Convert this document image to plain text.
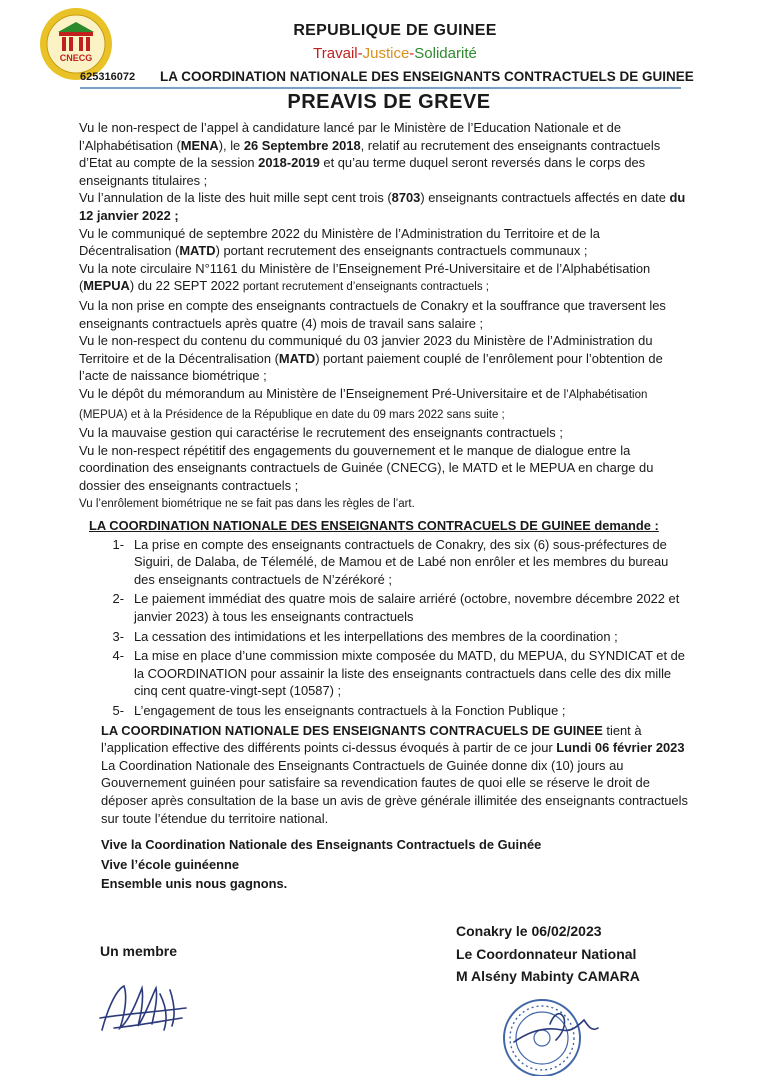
CNECG
REPUBLIQUE DE GUINEE
Travail-Justice-Solidarité
625316072 LA COORDINATION NATIONALE DES ENSEIGNANTS CONTRACTUELS DE GUINEE
PREAVIS DE GREVE

Vu le non-respect de l’appel à candidature lancé par le Ministère de l’Education Nationale et de l’Alphabétisation (MENA), le 26 Septembre 2018, relatif au recrutement des enseignants contractuels d’Etat au compte de la session 2018-2019 et qu’au terme duquel seront reversés dans le corps des enseignants titulaires ;

Vu l’annulation de la liste des huit mille sept cent trois (8703) enseignants contractuels affectés en date du 12 janvier 2022 ;

Vu le communiqué de septembre 2022 du Ministère de l’Administration du Territoire et de la Décentralisation (MATD) portant recrutement des enseignants contractuels communaux ;

Vu la note circulaire N°1161 du Ministère de l’Enseignement Pré-Universitaire et de l’Alphabétisation (MEPUA) du 22 SEPT 2022 portant recrutement d’enseignants contractuels ;

Vu la non prise en compte des enseignants contractuels de Conakry et la souffrance que traversent les enseignants contractuels après quatre (4) mois de travail sans salaire ;

Vu le non-respect du contenu du communiqué du 03 janvier 2023 du Ministère de l’Administration du Territoire et de la Décentralisation (MATD) portant paiement couplé de l’enrôlement pour l’obtention de l’acte de naissance biométrique ;

Vu le dépôt du mémorandum au Ministère de l’Enseignement Pré-Universitaire et de l’Alphabétisation (MEPUA) et à la Présidence de la République en date du 09 mars 2022 sans suite ;

Vu la mauvaise gestion qui caractérise le recrutement des enseignants contractuels ;

Vu le non-respect répétitif des engagements du gouvernement et le manque de dialogue entre la coordination des enseignants contractuels de Guinée (CNECG), le MATD et le MEPUA en charge du dossier des enseignants contractuels ;

Vu l’enrôlement biométrique ne se fait pas dans les règles de l’art.

LA COORDINATION NATIONALE DES ENSEIGNANTS CONTRACUELS DE GUINEE demande :
1- La prise en compte des enseignants contractuels de Conakry, des six (6) sous-préfectures de Siguiri, de Dalaba, de Télemélé, de Mamou et de Labé non enrôler et les membres du bureau des enseignants contractuels de N’zérékoré ;
2- Le paiement immédiat des quatre mois de salaire arriéré (octobre, novembre décembre 2022 et janvier 2023) à tous les enseignants contractuels
3- La cessation des intimidations et les interpellations des membres de la coordination ;
4- La mise en place d’une commission mixte composée du MATD, du MEPUA, du SYNDICAT et de la COORDINATION pour assainir la liste des enseignants contractuels dans celle des dix mille cinq cent quatre-vingt-sept (10587) ;
5- L’engagement de tous les enseignants contractuels à la Fonction Publique ;

LA COORDINATION NATIONALE DES ENSEIGNANTS CONTRACUELS DE GUINEE tient à l’application effective des différents points ci-dessus évoqués à partir de ce jour Lundi 06 février 2023 La Coordination Nationale des Enseignants Contractuels de Guinée donne dix (10) jours au Gouvernement guinéen pour satisfaire sa revendication fautes de quoi elle se réserve le droit de déposer après consultation de la base un avis de grève générale illimitée des enseignants contractuels sur toute l’étendue du territoire national.

Vive la Coordination Nationale des Enseignants Contractuels de Guinée
Vive l’école guinéenne
Ensemble unis nous gagnons.
Un membre
Conakry le 06/02/2023
Le Coordonnateur National
M Alsény Mabinty CAMARA
